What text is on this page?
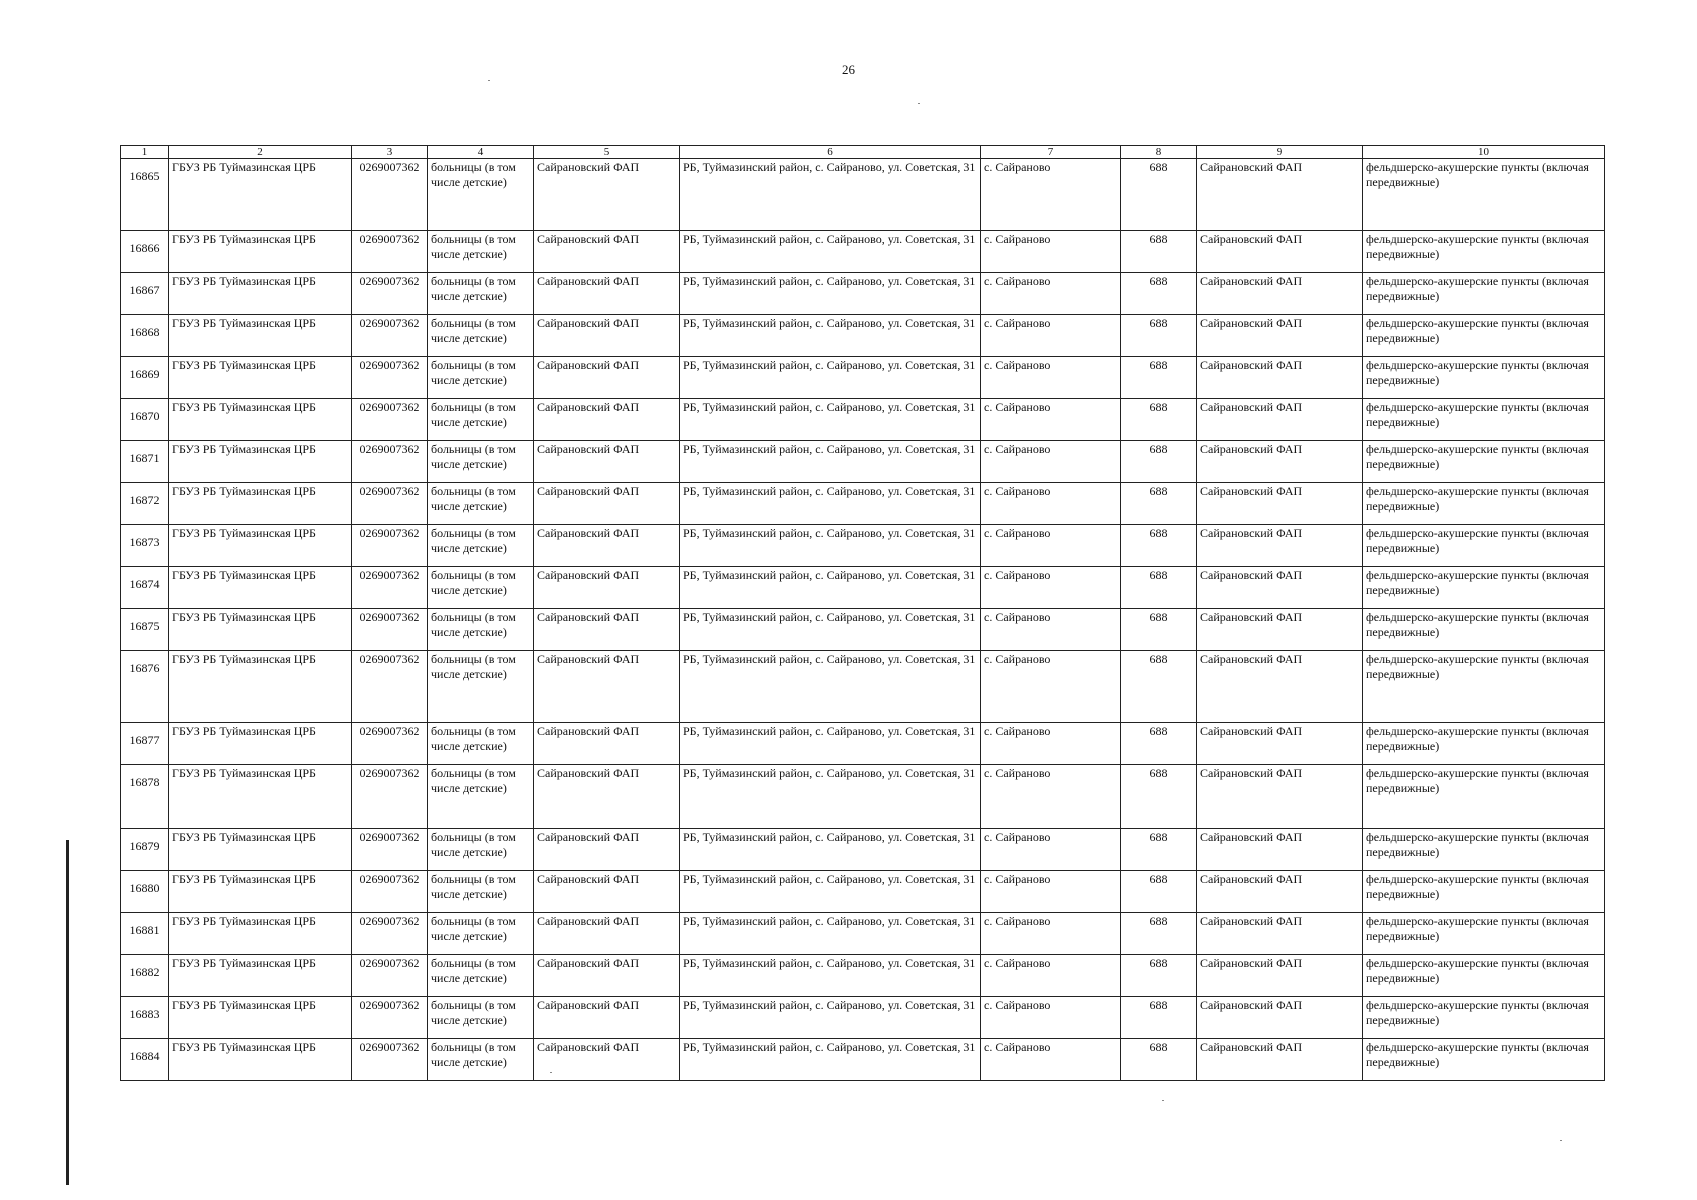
26
1	2	3	4	5	6	7	8	9	10
16865	ГБУЗ РБ Туймазинская ЦРБ	0269007362	больницы (в том числе детские)	Сайрановский ФАП	РБ, Туймазинский район, с. Сайраново, ул. Советская, 31	с. Сайраново	688	Сайрановский ФАП	фельдшерско-акушерские пункты (включая передвижные)
16866	ГБУЗ РБ Туймазинская ЦРБ	0269007362	больницы (в том числе детские)	Сайрановский ФАП	РБ, Туймазинский район, с. Сайраново, ул. Советская, 31	с. Сайраново	688	Сайрановский ФАП	фельдшерско-акушерские пункты (включая передвижные)
16867	ГБУЗ РБ Туймазинская ЦРБ	0269007362	больницы (в том числе детские)	Сайрановский ФАП	РБ, Туймазинский район, с. Сайраново, ул. Советская, 31	с. Сайраново	688	Сайрановский ФАП	фельдшерско-акушерские пункты (включая передвижные)
16868	ГБУЗ РБ Туймазинская ЦРБ	0269007362	больницы (в том числе детские)	Сайрановский ФАП	РБ, Туймазинский район, с. Сайраново, ул. Советская, 31	с. Сайраново	688	Сайрановский ФАП	фельдшерско-акушерские пункты (включая передвижные)
16869	ГБУЗ РБ Туймазинская ЦРБ	0269007362	больницы (в том числе детские)	Сайрановский ФАП	РБ, Туймазинский район, с. Сайраново, ул. Советская, 31	с. Сайраново	688	Сайрановский ФАП	фельдшерско-акушерские пункты (включая передвижные)
16870	ГБУЗ РБ Туймазинская ЦРБ	0269007362	больницы (в том числе детские)	Сайрановский ФАП	РБ, Туймазинский район, с. Сайраново, ул. Советская, 31	с. Сайраново	688	Сайрановский ФАП	фельдшерско-акушерские пункты (включая передвижные)
16871	ГБУЗ РБ Туймазинская ЦРБ	0269007362	больницы (в том числе детские)	Сайрановский ФАП	РБ, Туймазинский район, с. Сайраново, ул. Советская, 31	с. Сайраново	688	Сайрановский ФАП	фельдшерско-акушерские пункты (включая передвижные)
16872	ГБУЗ РБ Туймазинская ЦРБ	0269007362	больницы (в том числе детские)	Сайрановский ФАП	РБ, Туймазинский район, с. Сайраново, ул. Советская, 31	с. Сайраново	688	Сайрановский ФАП	фельдшерско-акушерские пункты (включая передвижные)
16873	ГБУЗ РБ Туймазинская ЦРБ	0269007362	больницы (в том числе детские)	Сайрановский ФАП	РБ, Туймазинский район, с. Сайраново, ул. Советская, 31	с. Сайраново	688	Сайрановский ФАП	фельдшерско-акушерские пункты (включая передвижные)
16874	ГБУЗ РБ Туймазинская ЦРБ	0269007362	больницы (в том числе детские)	Сайрановский ФАП	РБ, Туймазинский район, с. Сайраново, ул. Советская, 31	с. Сайраново	688	Сайрановский ФАП	фельдшерско-акушерские пункты (включая передвижные)
16875	ГБУЗ РБ Туймазинская ЦРБ	0269007362	больницы (в том числе детские)	Сайрановский ФАП	РБ, Туймазинский район, с. Сайраново, ул. Советская, 31	с. Сайраново	688	Сайрановский ФАП	фельдшерско-акушерские пункты (включая передвижные)
16876	ГБУЗ РБ Туймазинская ЦРБ	0269007362	больницы (в том числе детские)	Сайрановский ФАП	РБ, Туймазинский район, с. Сайраново, ул. Советская, 31	с. Сайраново	688	Сайрановский ФАП	фельдшерско-акушерские пункты (включая передвижные)
16877	ГБУЗ РБ Туймазинская ЦРБ	0269007362	больницы (в том числе детские)	Сайрановский ФАП	РБ, Туймазинский район, с. Сайраново, ул. Советская, 31	с. Сайраново	688	Сайрановский ФАП	фельдшерско-акушерские пункты (включая передвижные)
16878	ГБУЗ РБ Туймазинская ЦРБ	0269007362	больницы (в том числе детские)	Сайрановский ФАП	РБ, Туймазинский район, с. Сайраново, ул. Советская, 31	с. Сайраново	688	Сайрановский ФАП	фельдшерско-акушерские пункты (включая передвижные)
16879	ГБУЗ РБ Туймазинская ЦРБ	0269007362	больницы (в том числе детские)	Сайрановский ФАП	РБ, Туймазинский район, с. Сайраново, ул. Советская, 31	с. Сайраново	688	Сайрановский ФАП	фельдшерско-акушерские пункты (включая передвижные)
16880	ГБУЗ РБ Туймазинская ЦРБ	0269007362	больницы (в том числе детские)	Сайрановский ФАП	РБ, Туймазинский район, с. Сайраново, ул. Советская, 31	с. Сайраново	688	Сайрановский ФАП	фельдшерско-акушерские пункты (включая передвижные)
16881	ГБУЗ РБ Туймазинская ЦРБ	0269007362	больницы (в том числе детские)	Сайрановский ФАП	РБ, Туймазинский район, с. Сайраново, ул. Советская, 31	с. Сайраново	688	Сайрановский ФАП	фельдшерско-акушерские пункты (включая передвижные)
16882	ГБУЗ РБ Туймазинская ЦРБ	0269007362	больницы (в том числе детские)	Сайрановский ФАП	РБ, Туймазинский район, с. Сайраново, ул. Советская, 31	с. Сайраново	688	Сайрановский ФАП	фельдшерско-акушерские пункты (включая передвижные)
16883	ГБУЗ РБ Туймазинская ЦРБ	0269007362	больницы (в том числе детские)	Сайрановский ФАП	РБ, Туймазинский район, с. Сайраново, ул. Советская, 31	с. Сайраново	688	Сайрановский ФАП	фельдшерско-акушерские пункты (включая передвижные)
16884	ГБУЗ РБ Туймазинская ЦРБ	0269007362	больницы (в том числе детские)	Сайрановский ФАП	РБ, Туймазинский район, с. Сайраново, ул. Советская, 31	с. Сайраново	688	Сайрановский ФАП	фельдшерско-акушерские пункты (включая передвижные)
